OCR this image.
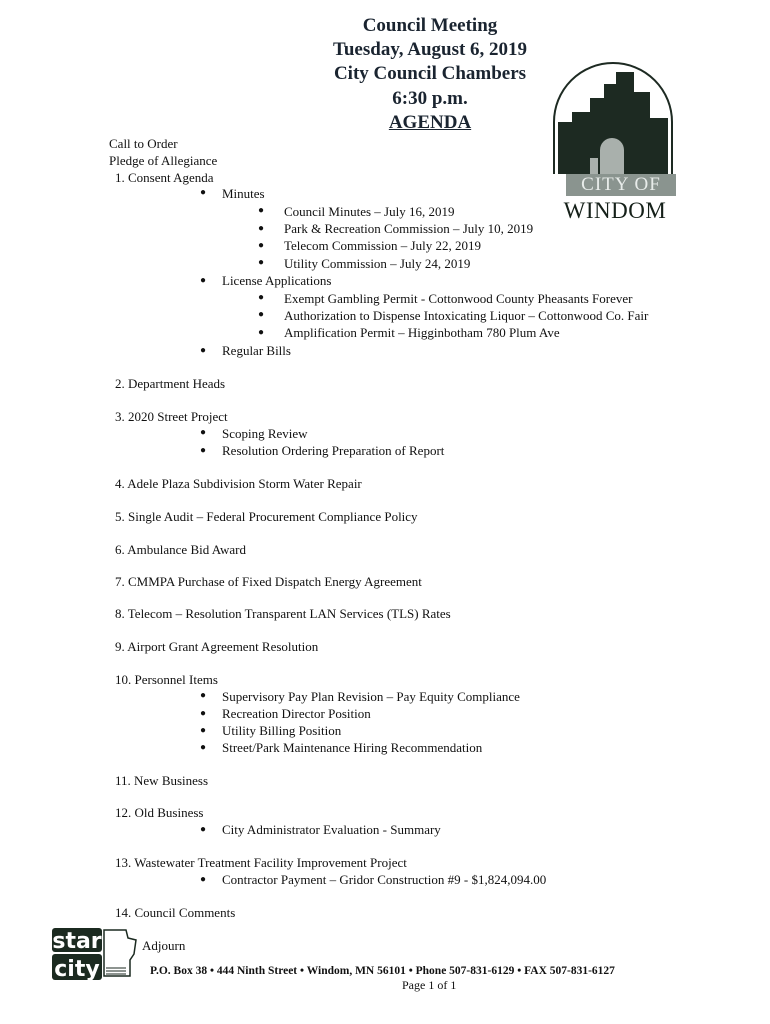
Council Meeting
Tuesday, August 6, 2019
City Council Chambers
6:30 p.m.
AGENDA
CITY OF
WINDOM
Call to Order
Pledge of Allegiance
1. Consent Agenda
● Minutes
● Council Minutes – July 16, 2019
● Park & Recreation Commission – July 10, 2019
● Telecom Commission – July 22, 2019
● Utility Commission – July 24, 2019
● License Applications
● Exempt Gambling Permit - Cottonwood County Pheasants Forever
● Authorization to Dispense Intoxicating Liquor – Cottonwood Co. Fair
● Amplification Permit – Higginbotham 780 Plum Ave
● Regular Bills
2. Department Heads
3. 2020 Street Project
● Scoping Review
● Resolution Ordering Preparation of Report
4. Adele Plaza Subdivision Storm Water Repair
5. Single Audit – Federal Procurement Compliance Policy
6. Ambulance Bid Award
7. CMMPA Purchase of Fixed Dispatch Energy Agreement
8. Telecom – Resolution Transparent LAN Services (TLS) Rates
9. Airport Grant Agreement Resolution
10. Personnel Items
● Supervisory Pay Plan Revision – Pay Equity Compliance
● Recreation Director Position
● Utility Billing Position
● Street/Park Maintenance Hiring Recommendation
11. New Business
12. Old Business
● City Administrator Evaluation - Summary
13. Wastewater Treatment Facility Improvement Project
● Contractor Payment – Gridor Construction #9 - $1,824,094.00
14. Council Comments
Adjourn
star
city	P.O. Box 38 • 444 Ninth Street • Windom, MN 56101 • Phone 507-831-6129 • FAX 507-831-6127
Page 1 of 1
